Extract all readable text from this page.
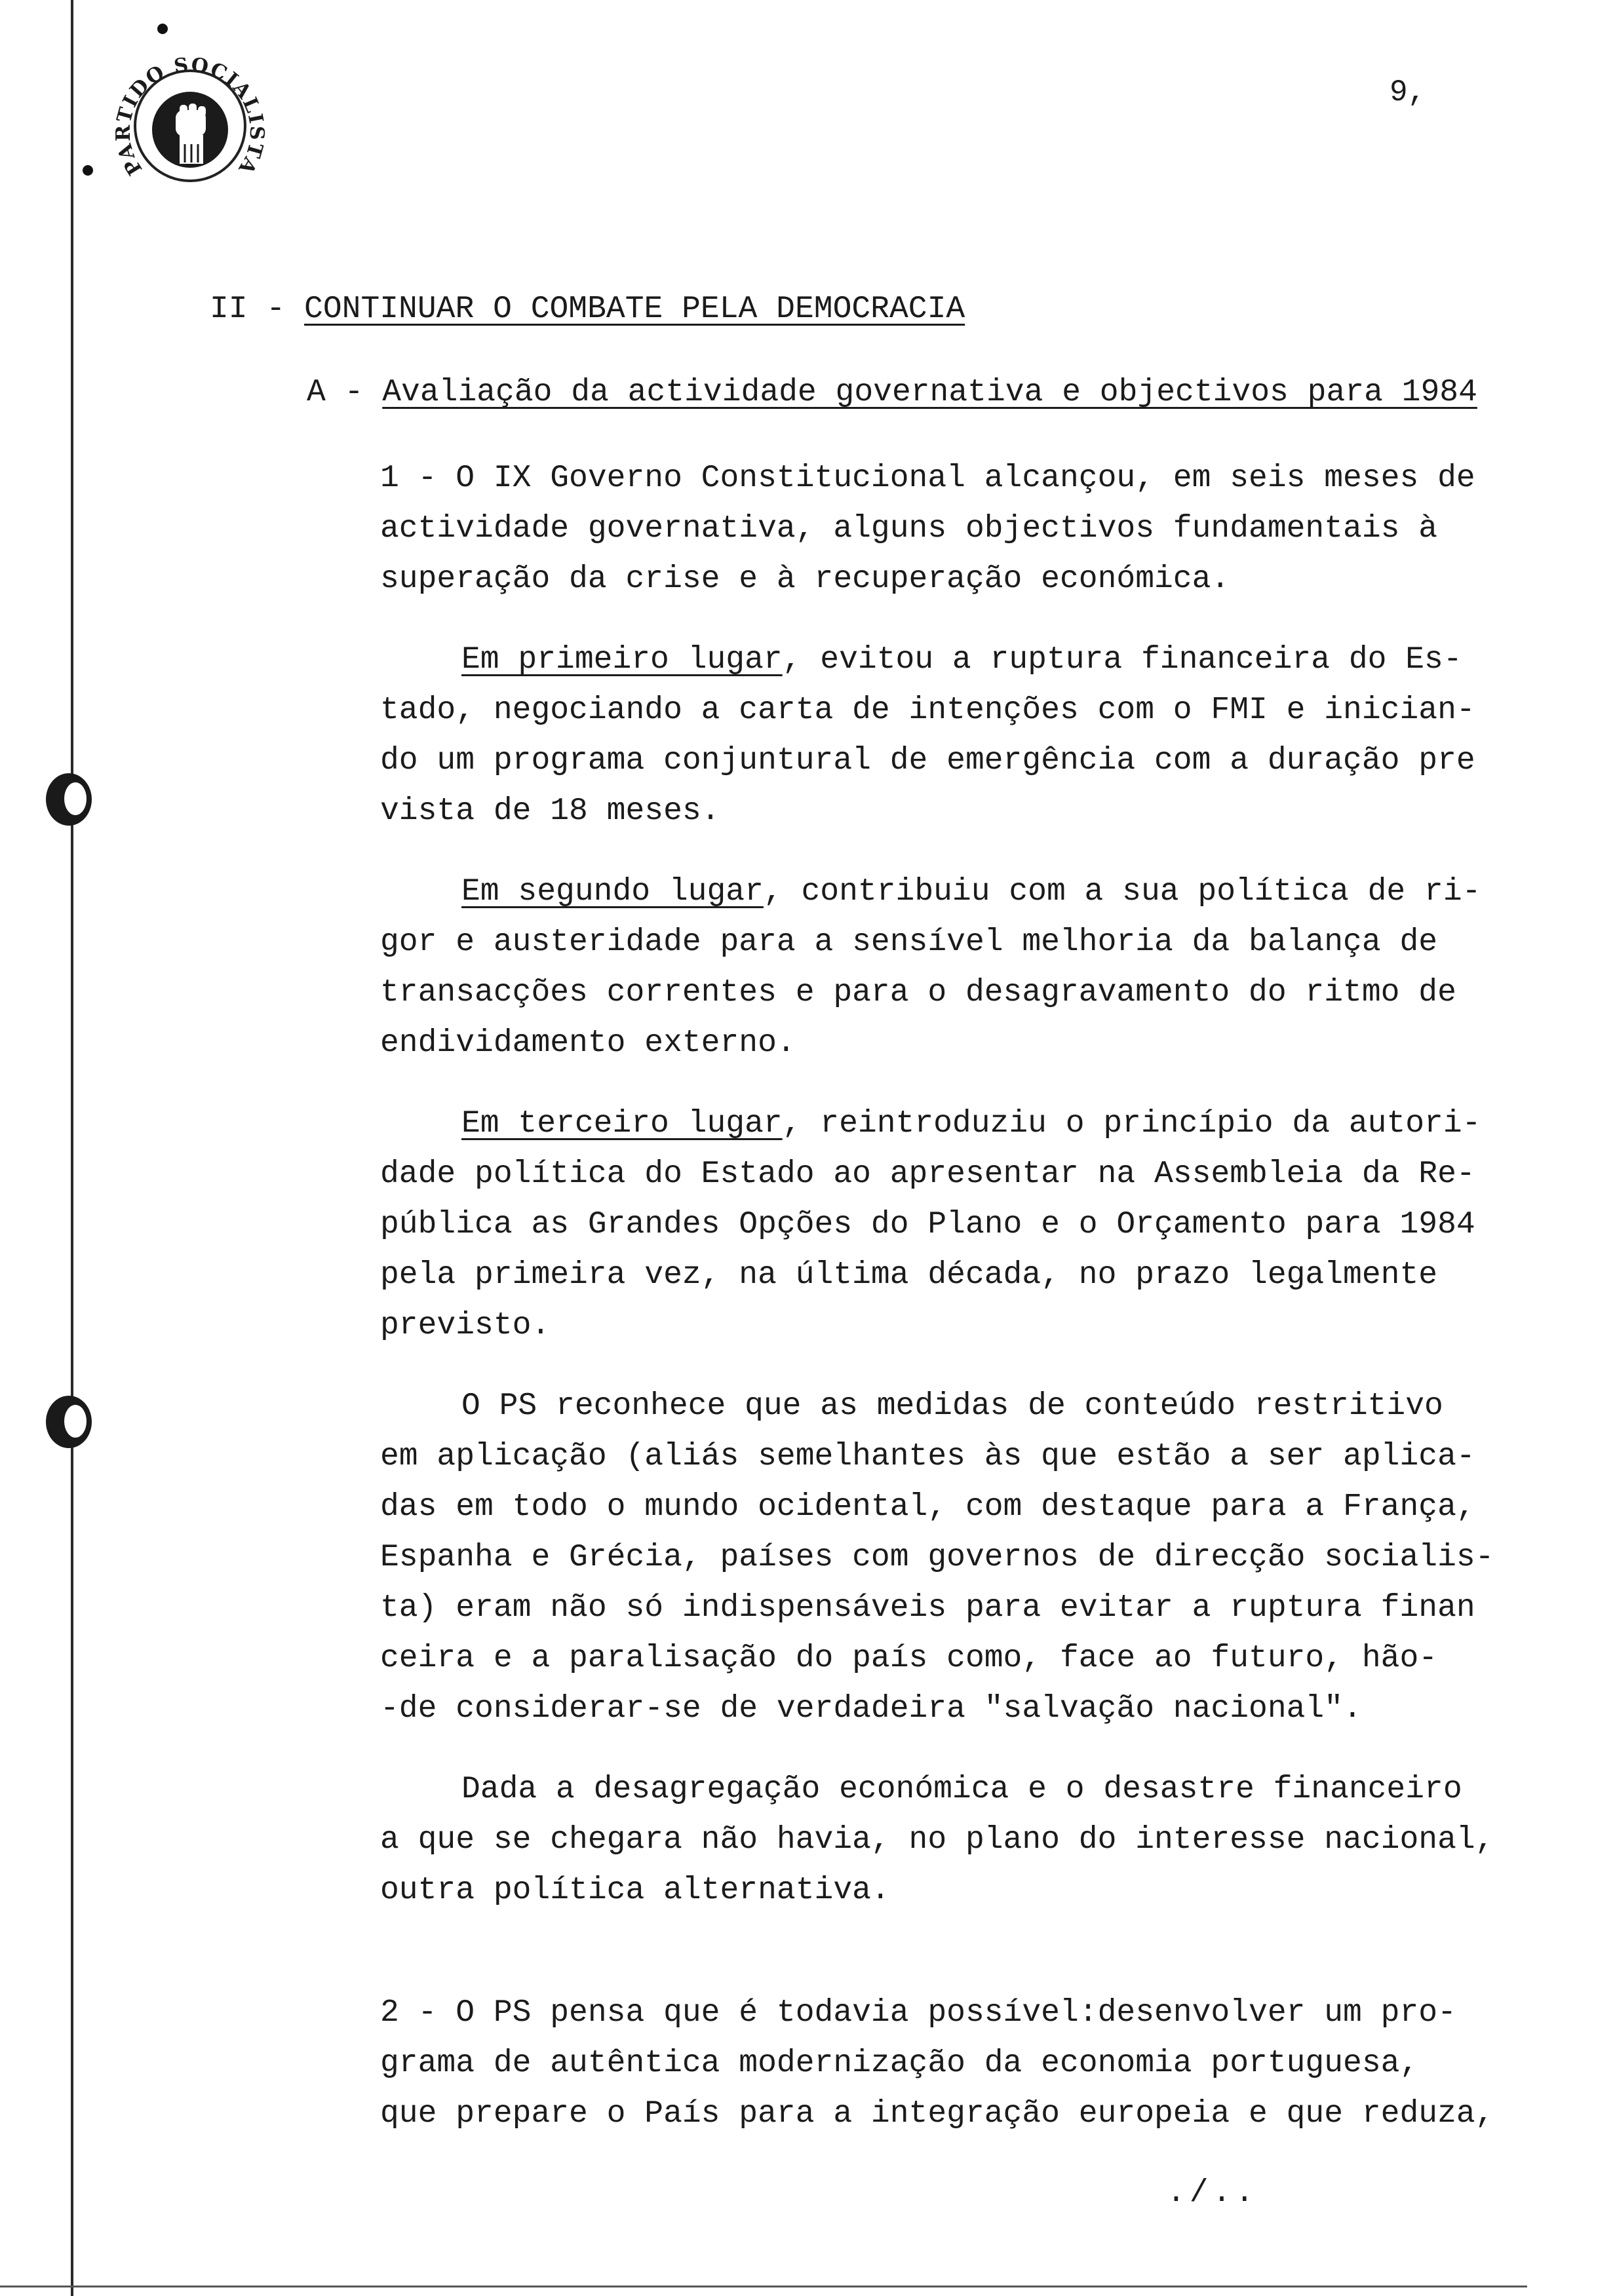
PARTIDO SOCIALISTA
9,
II - CONTINUAR O COMBATE PELA DEMOCRACIA
A - Avaliação da actividade governativa e objectivos para 1984

1 - O IX Governo Constitucional alcançou, em seis meses de
actividade governativa, alguns objectivos fundamentais à
superação da crise e à recuperação económica.

Em primeiro lugar, evitou a ruptura financeira do Es-
tado, negociando a carta de intenções com o FMI e inician-
do um programa conjuntural de emergência com a duração pre
vista de 18 meses.

Em segundo lugar, contribuiu com a sua política de ri-
gor e austeridade para a sensível melhoria da balança de
transacções correntes e para o desagravamento do ritmo de
endividamento externo.

Em terceiro lugar, reintroduziu o princípio da autori-
dade política do Estado ao apresentar na Assembleia da Re-
pública as Grandes Opções do Plano e o Orçamento para 1984
pela primeira vez, na última década, no prazo legalmente
previsto.

O PS reconhece que as medidas de conteúdo restritivo
em aplicação (aliás semelhantes às que estão a ser aplica-
das em todo o mundo ocidental, com destaque para a França,
Espanha e Grécia, países com governos de direcção socialis-
ta) eram não só indispensáveis para evitar a ruptura finan
ceira e a paralisação do país como, face ao futuro, hão-
-de considerar-se de verdadeira "salvação nacional".

Dada a desagregação económica e o desastre financeiro
a que se chegara não havia, no plano do interesse nacional,
outra política alternativa.

2 - O PS pensa que é todavia possível:desenvolver um pro-
grama de autêntica modernização da economia portuguesa,
que prepare o País para a integração europeia e que reduza,

./..
